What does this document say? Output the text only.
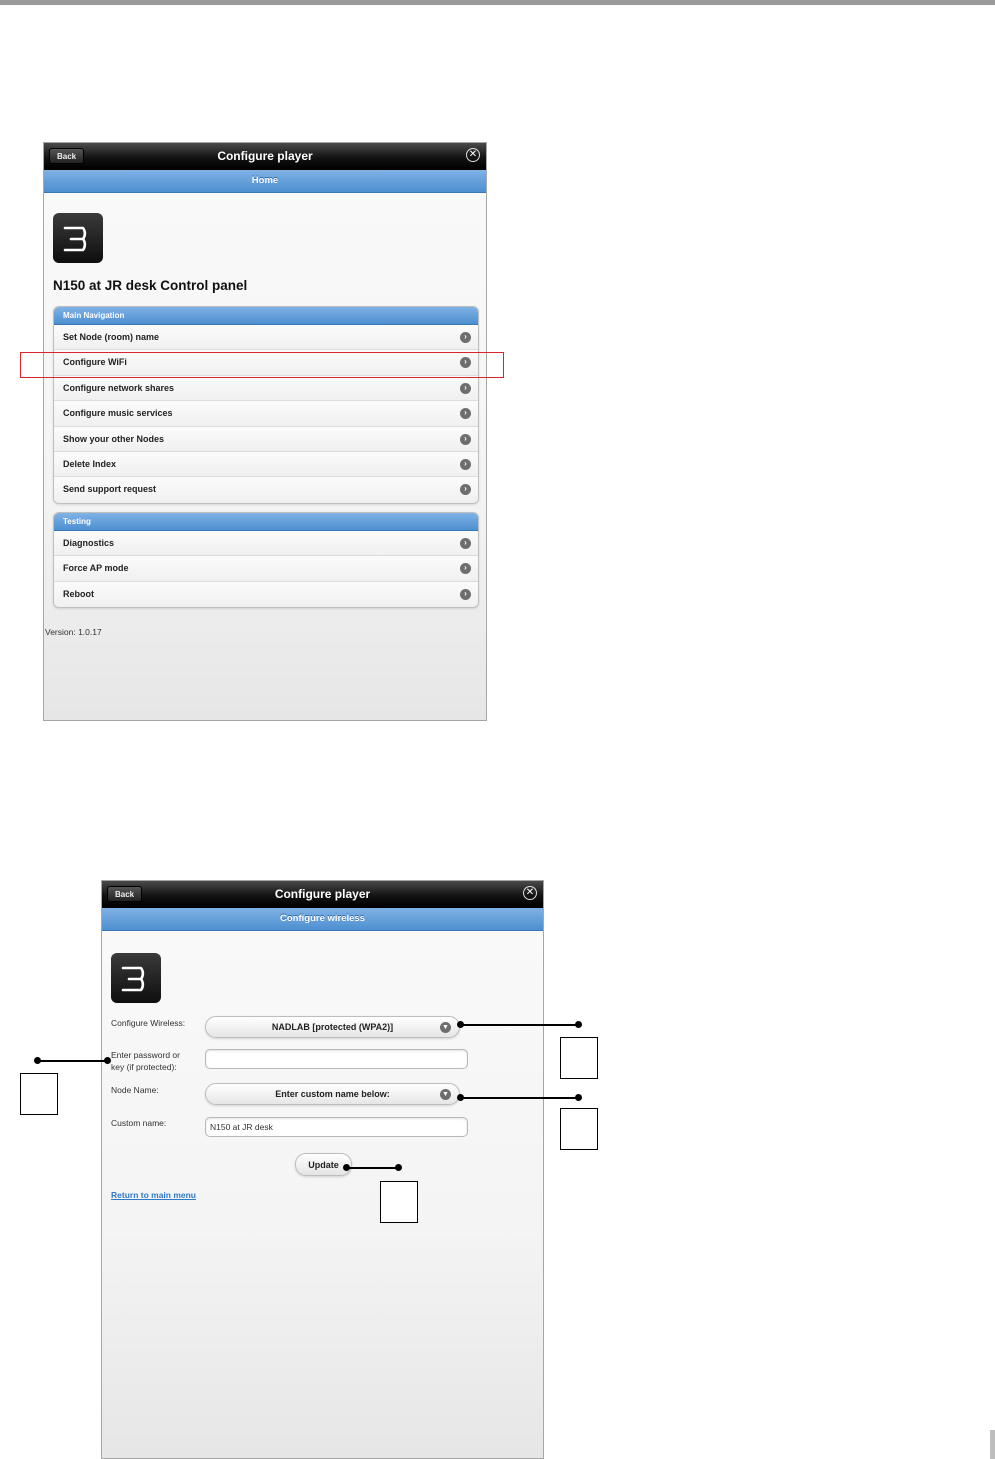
Back	Configure player	✕
Home
N150 at JR desk Control panel
Main Navigation
Set Node (room) name	›
Configure WiFi	›
Configure network shares	›
Configure music services	›
Show your other Nodes	›
Delete Index	›
Send support request	›
Testing
Diagnostics	›
Force AP mode	›
Reboot	›
Version: 1.0.17
Back	Configure player	✕
Configure wireless
Configure Wireless:	NADLAB [protected (WPA2)]	▼
Enter password or
key (if protected):
Node Name:	Enter custom name below:	▼
Custom name:	N150 at JR desk
Update
Return to main menu
